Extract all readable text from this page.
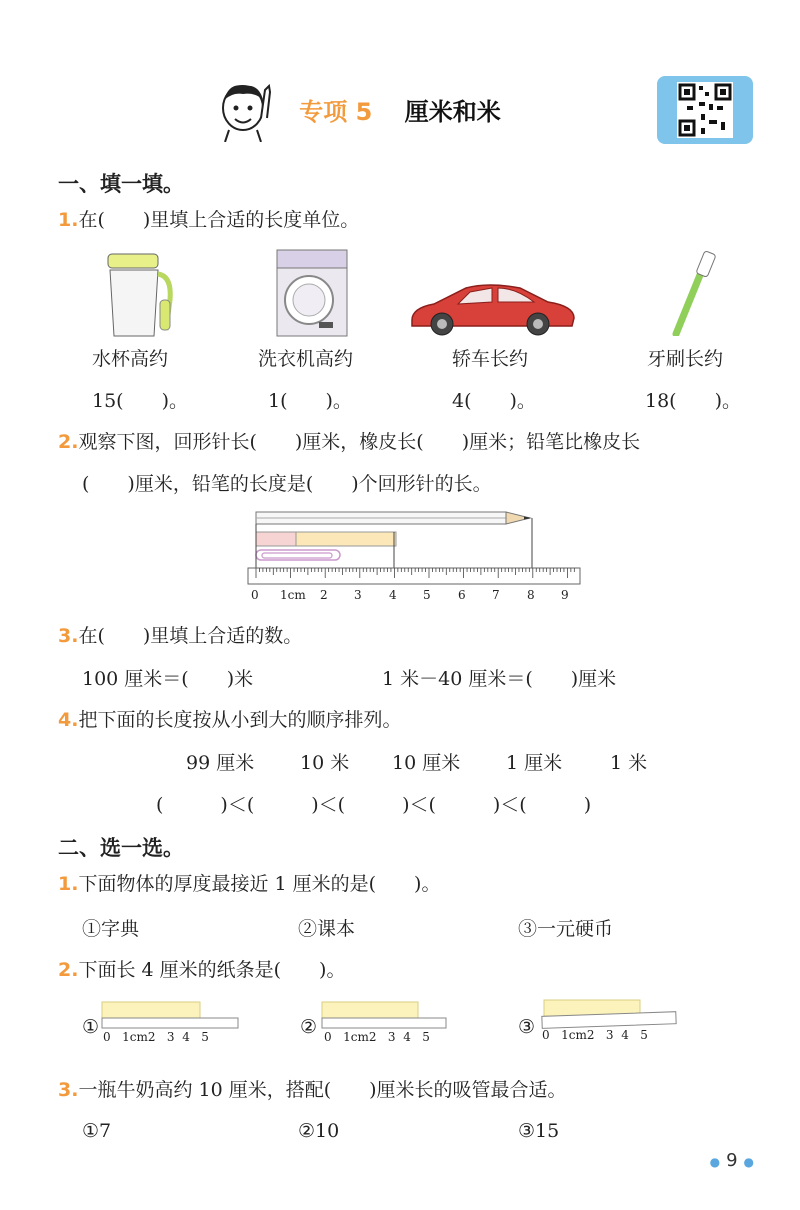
专项 5 厘米和米
一、填一填。
1.在(　　)里填上合适的长度单位。
水杯高约	洗衣机高约	轿车长约	牙刷长约
15(　　)。	1(　　)。	4(　　)。	18(　　)。
2.观察下图，回形针长(　　)厘米，橡皮长(　　)厘米；铅笔比橡皮长
(　　)厘米，铅笔的长度是(　　)个回形针的长。
0 1cm 2 3 4 5 6 7 8 9
3.在(　　)里填上合适的数。
100 厘米＝(　　)米	1 米－40 厘米＝(　　)厘米
4.把下面的长度按从小到大的顺序排列。
99 厘米 10 米 10 厘米 1 厘米	1 米
(　　　)＜(　　　)＜(　　　)＜(　　　)＜(　　　)
二、选一选。
1.下面物体的厚度最接近 1 厘米的是(　　)。
①字典	②课本	③一元硬币
2.下面长 4 厘米的纸条是(　　)。
① 0 1cm2 3 4 5	② 0 1cm2 3 4 5	③ 0 1cm2 3 4 5
3.一瓶牛奶高约 10 厘米，搭配(　　)厘米长的吸管最合适。
①7	②10	③15
● 9 ●
